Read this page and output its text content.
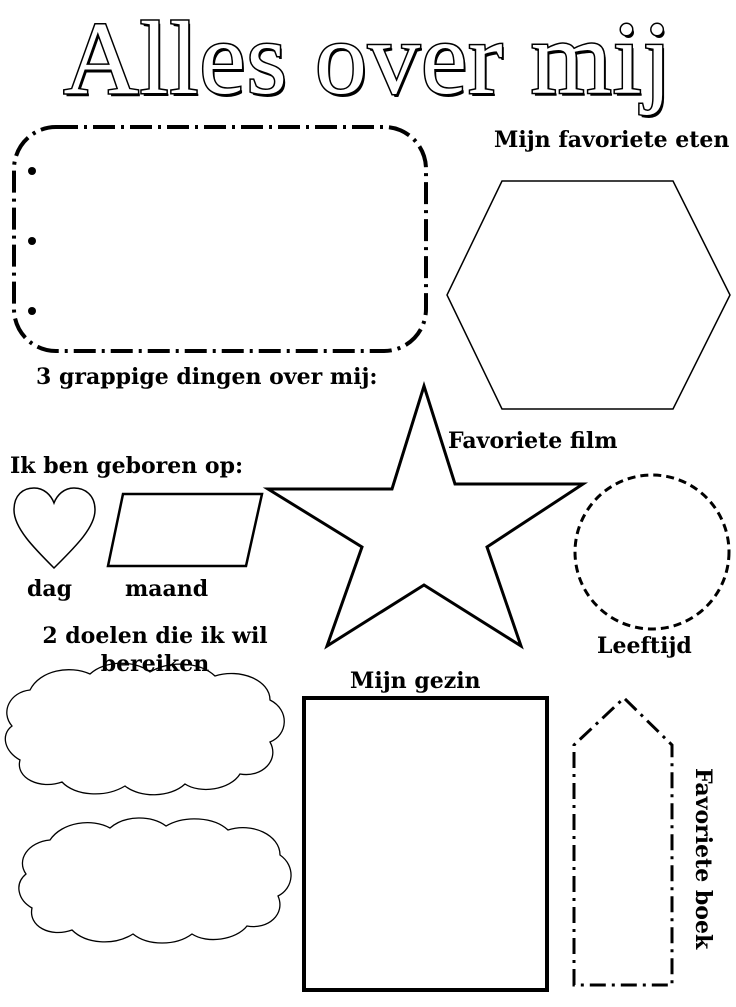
Alles over mij
Mijn favoriete eten
3 grappige dingen over mij:
Favoriete film
Ik ben geboren op:
dag maand
Leeftijd
2 doelen die ik wil bereiken
Mijn gezin
Favoriete boek
